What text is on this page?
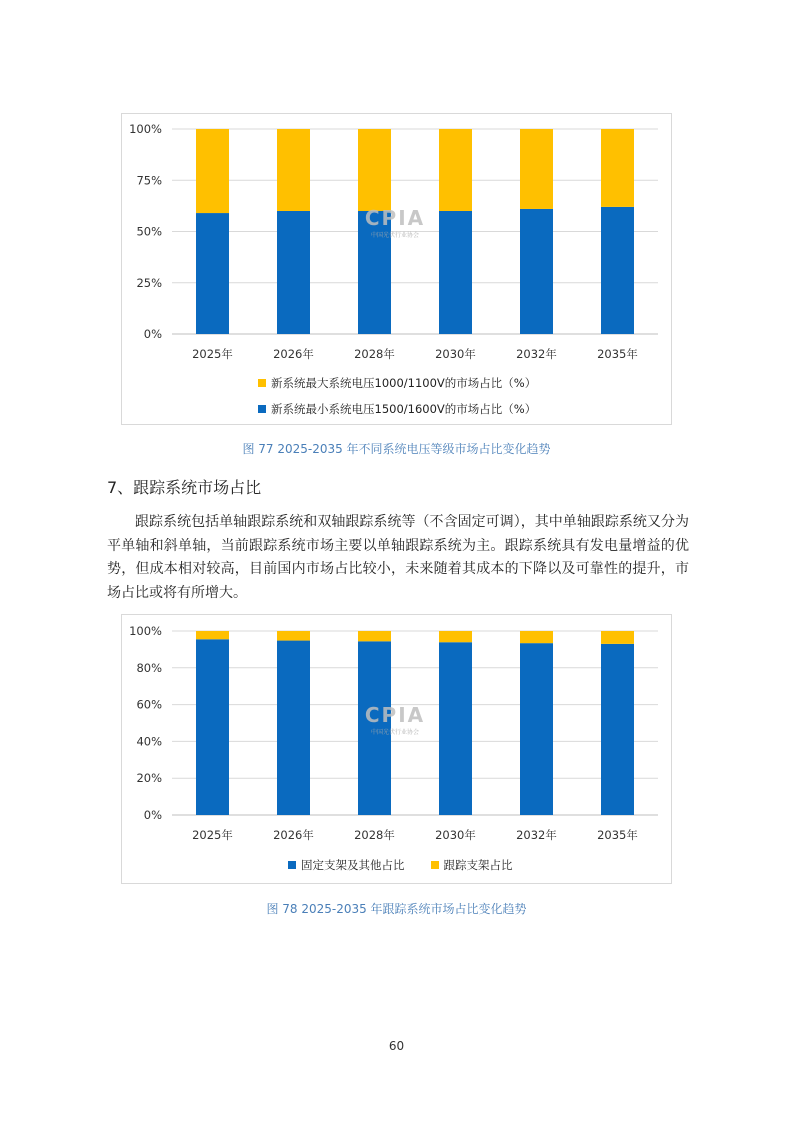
0%
25%
50%
75%
100%
2025年	2026年	2028年	2030年	2032年	2035年
新系统最大系统电压1000/1100V的市场占比（%）
新系统最小系统电压1500/1600V的市场占比（%）
CPIA
中国光伏行业协会
图 77 2025-2035 年不同系统电压等级市场占比变化趋势
7、跟踪系统市场占比

跟踪系统包括单轴跟踪系统和双轴跟踪系统等（不含固定可调），其中单轴跟踪系统又分为平单轴和斜单轴，当前跟踪系统市场主要以单轴跟踪系统为主。跟踪系统具有发电量增益的优势，但成本相对较高，目前国内市场占比较小，未来随着其成本的下降以及可靠性的提升，市场占比或将有所增大。

0%
20%
40%
60%
80%
100%
2025年	2026年	2028年	2030年	2032年	2035年
固定支架及其他占比	跟踪支架占比
CPIA
中国光伏行业协会
图 78 2025-2035 年跟踪系统市场占比变化趋势
60
